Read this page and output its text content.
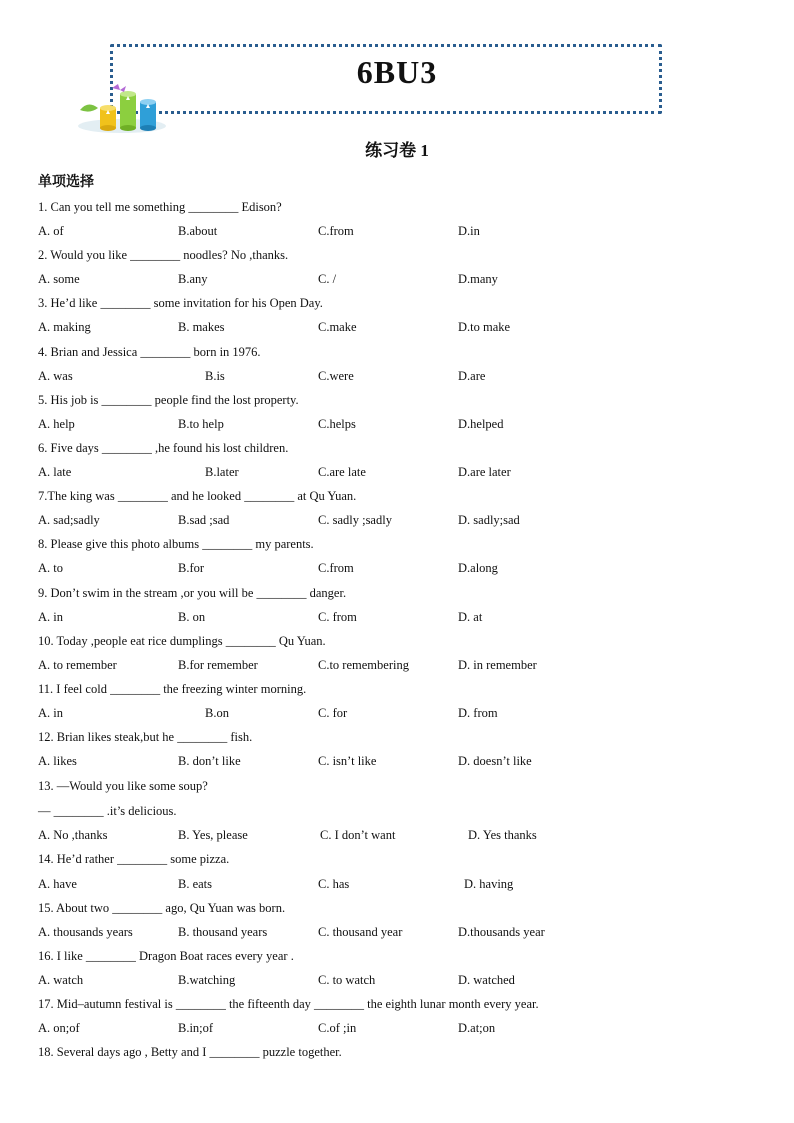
6BU3
练习卷 1
单项选择
1. Can you tell me something ________ Edison?
A. of	B.about	C.from	D.in
2. Would you like ________ noodles? No ,thanks.
A. some	B.any	C. /	D.many
3. He’d like ________ some invitation for his Open Day.
A. making	B. makes	C.make	D.to make
4. Brian and Jessica ________ born in 1976.
A. was	B.is	C.were	D.are
5. His job is ________ people find the lost property.
A. help	B.to help	C.helps	D.helped
6. Five days ________ ,he found his lost children.
A. late	B.later	C.are late	D.are later
7.The king was ________ and he looked ________ at Qu Yuan.
A. sad;sadly	B.sad ;sad	C. sadly ;sadly	D. sadly;sad
8. Please give this photo albums ________ my parents.
A. to	B.for	C.from	D.along
9. Don’t swim in the stream ,or you will be ________ danger.
A. in	B. on	C. from	D. at
10. Today ,people eat rice dumplings ________ Qu Yuan.
A. to remember	B.for remember	C.to remembering	D. in remember
11. I feel cold ________ the freezing winter morning.
A. in	B.on	C. for	D. from
12. Brian likes steak,but he ________ fish.
A. likes	B. don’t like	C. isn’t like	D. doesn’t like
13. —Would you like some soup?
— ________ .it’s delicious.
A. No ,thanks	B. Yes, please	C. I don’t want	D. Yes thanks
14. He’d rather ________ some pizza.
A. have	B. eats	C. has	D. having
15. About two ________ ago, Qu Yuan was born.
A. thousands years	B. thousand years	C. thousand year	D.thousands year
16. I like ________ Dragon Boat races every year .
A. watch	B.watching	C. to watch	D. watched
17. Mid–autumn festival is ________ the fifteenth day ________ the eighth lunar month every year.
A. on;of	B.in;of	C.of ;in	D.at;on
18. Several days ago , Betty and I ________ puzzle together.
